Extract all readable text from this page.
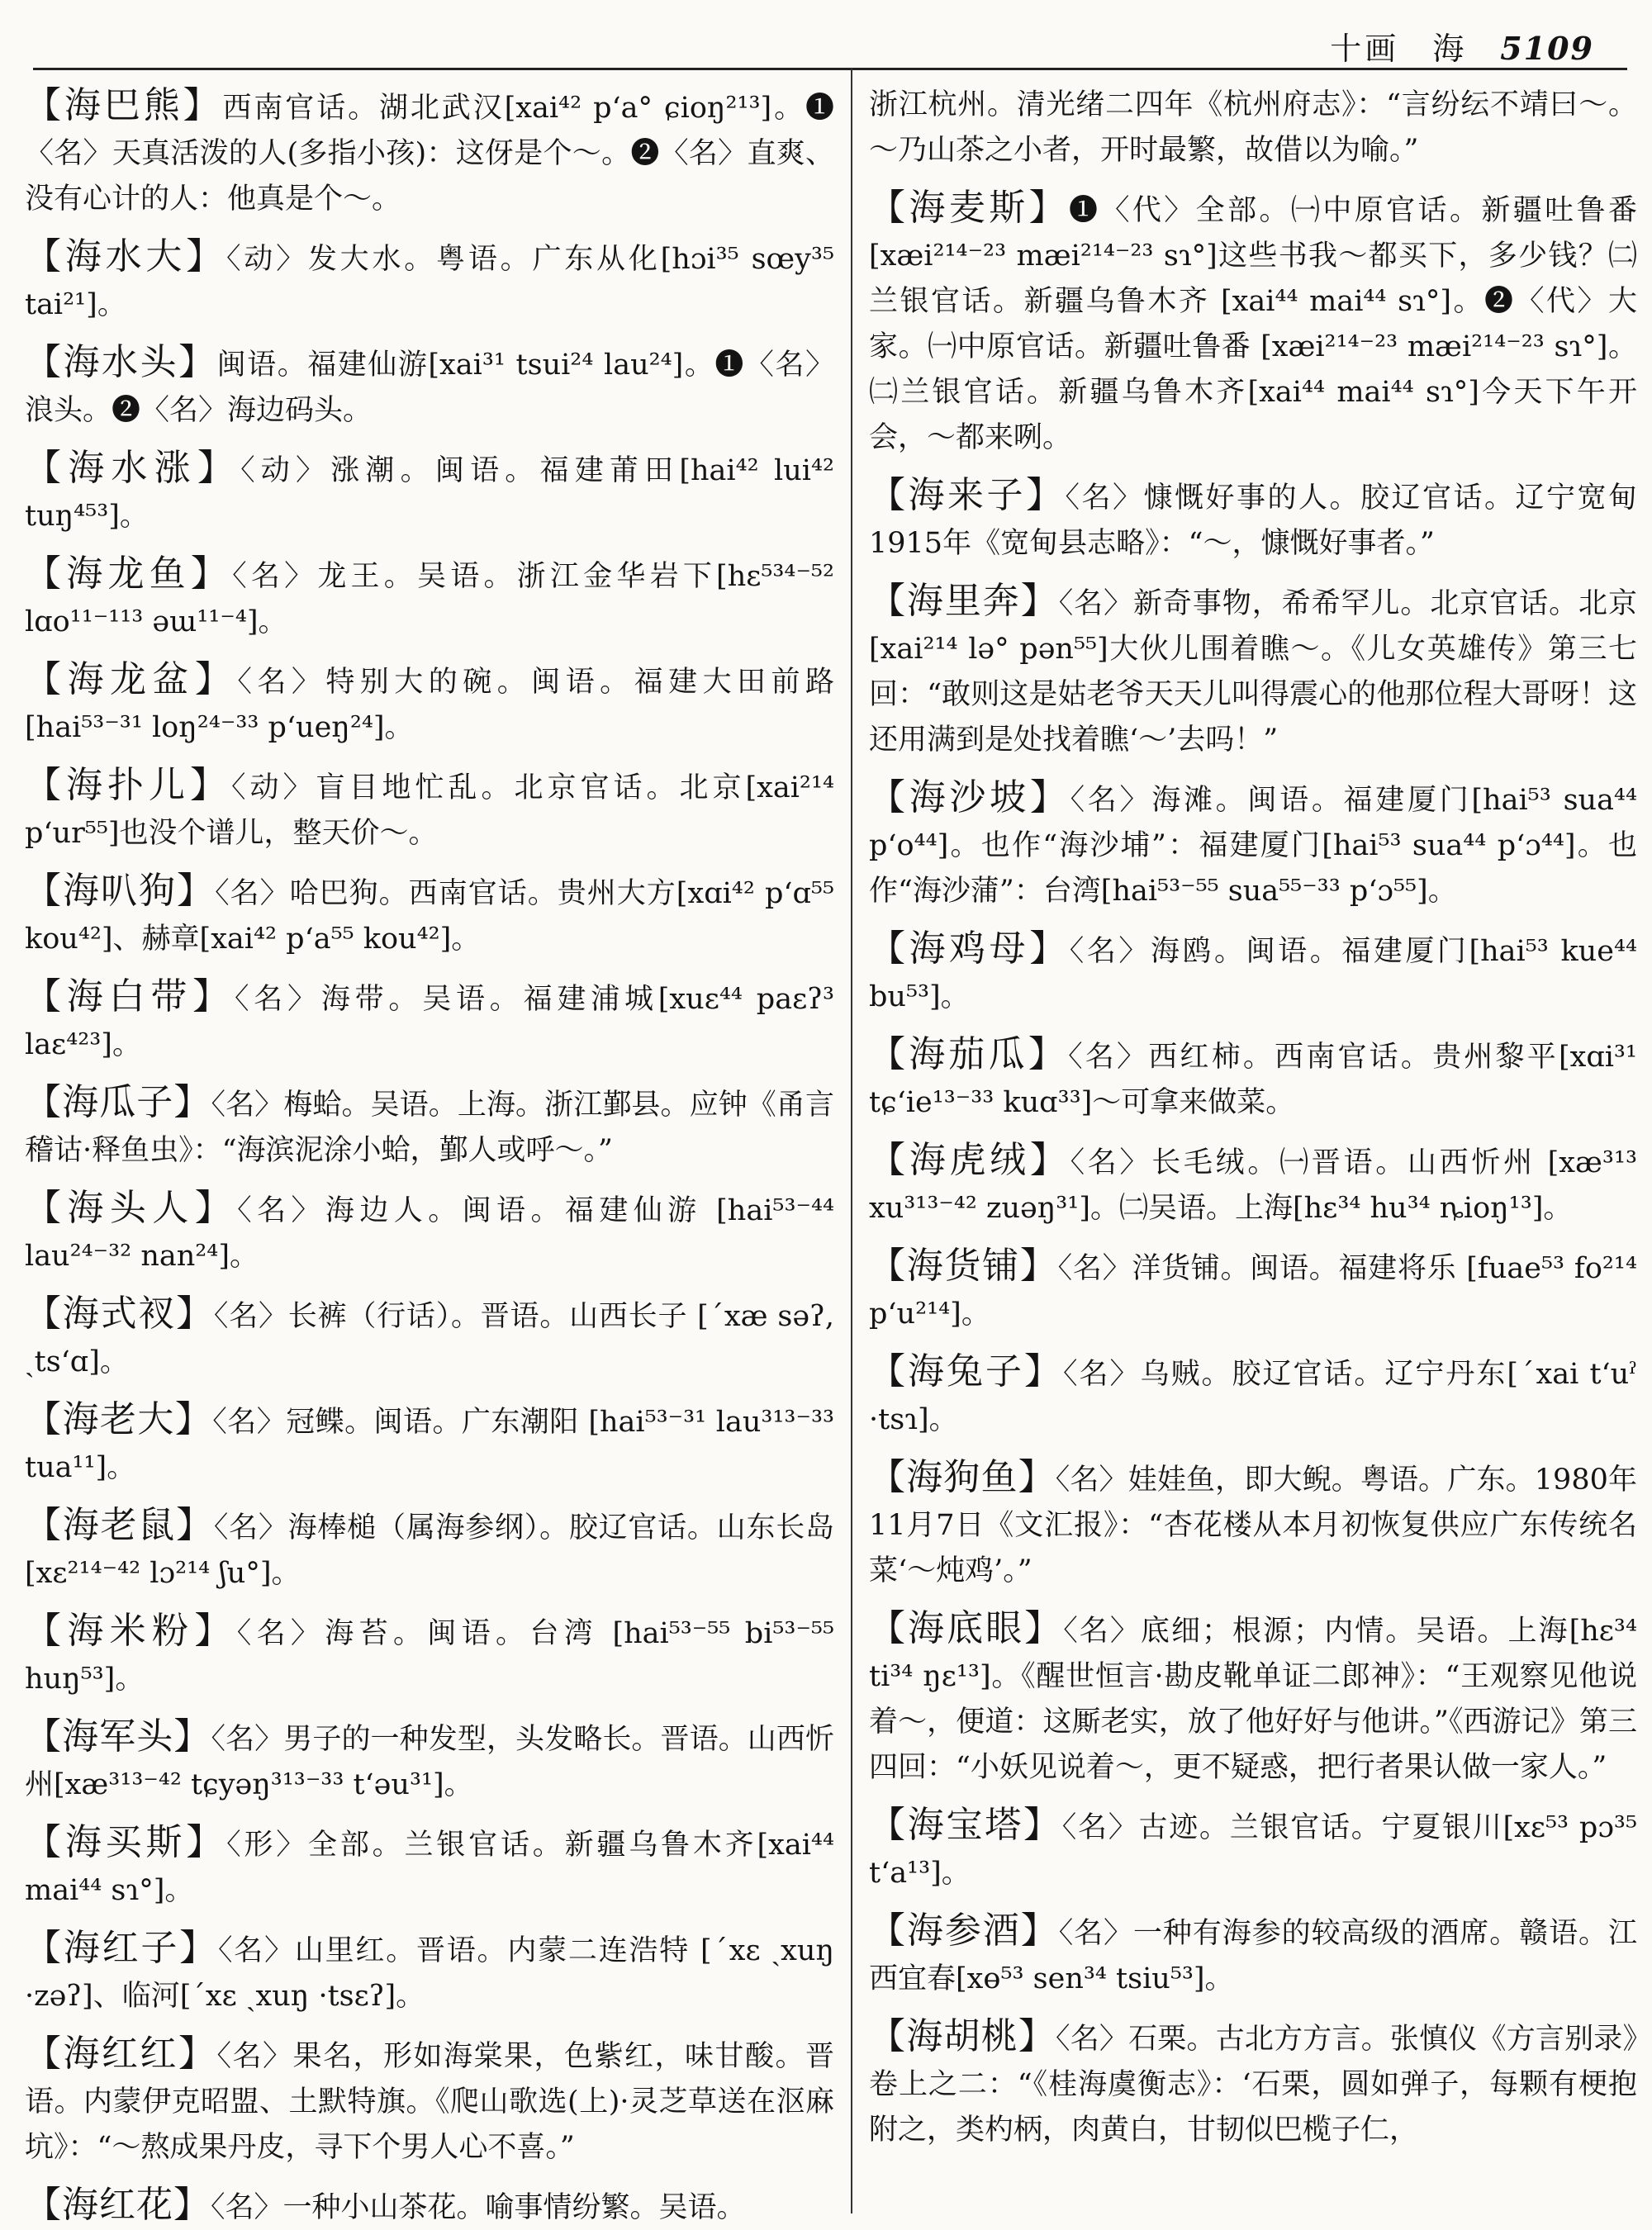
十画 海 5109

【海巴熊】西南官话。湖北武汉[xai⁴² p‘a° ɕioŋ²¹³]。❶〈名〉天真活泼的人(多指小孩)：这伢是个～。❷〈名〉直爽、没有心计的人：他真是个～。

【海水大】〈动〉发大水。粤语。广东从化[hɔi³⁵ sœy³⁵ tai²¹]。

【海水头】闽语。福建仙游[xai³¹ tsui²⁴ lau²⁴]。❶〈名〉浪头。❷〈名〉海边码头。

【海水涨】〈动〉涨潮。闽语。福建莆田[hai⁴² lui⁴² tuŋ⁴⁵³]。

【海龙鱼】〈名〉龙王。吴语。浙江金华岩下[hɛ⁵³⁴⁻⁵² lɑo¹¹⁻¹¹³ əɯ¹¹⁻⁴]。

【海龙盆】〈名〉特别大的碗。闽语。福建大田前路[hai⁵³⁻³¹ loŋ²⁴⁻³³ p‘ueŋ²⁴]。

【海扑儿】〈动〉盲目地忙乱。北京官话。北京[xai²¹⁴ p‘ur⁵⁵]也没个谱儿，整天价～。

【海叭狗】〈名〉哈巴狗。西南官话。贵州大方[xɑi⁴² p‘ɑ⁵⁵ kou⁴²]、赫章[xai⁴² p‘a⁵⁵ kou⁴²]。

【海白带】〈名〉海带。吴语。福建浦城[xuɛ⁴⁴ paɛʔ³ laɛ⁴²³]。

【海瓜子】〈名〉梅蛤。吴语。上海。浙江鄞县。应钟《甬言稽诂·释鱼虫》：“海滨泥涂小蛤，鄞人或呼～。”

【海头人】〈名〉海边人。闽语。福建仙游 [hai⁵³⁻⁴⁴ lau²⁴⁻³² nan²⁴]。

【海式衩】〈名〉长裤（行话）。晋语。山西长子 [ˊxæ səʔ, ˏts‘ɑ]。

【海老大】〈名〉冠鲽。闽语。广东潮阳 [hai⁵³⁻³¹ lau³¹³⁻³³ tua¹¹]。

【海老鼠】〈名〉海棒槌（属海参纲）。胶辽官话。山东长岛[xɛ²¹⁴⁻⁴² lɔ²¹⁴ ʃu°]。

【海米粉】〈名〉海苔。闽语。台湾 [hai⁵³⁻⁵⁵ bi⁵³⁻⁵⁵ huŋ⁵³]。

【海军头】〈名〉男子的一种发型，头发略长。晋语。山西忻州[xæ³¹³⁻⁴² tɕyəŋ³¹³⁻³³ t‘əu³¹]。

【海买斯】〈形〉全部。兰银官话。新疆乌鲁木齐[xai⁴⁴ mai⁴⁴ sɿ°]。

【海红子】〈名〉山里红。晋语。内蒙二连浩特 [ˊxɛ ˏxuŋ ·zəʔ]、临河[ˊxɛ ˏxuŋ ·tsɛʔ]。

【海红红】〈名〉果名，形如海棠果，色紫红，味甘酸。晋语。内蒙伊克昭盟、土默特旗。《爬山歌选(上)·灵芝草送在沤麻坑》：“～熬成果丹皮，寻下个男人心不喜。”

【海红花】〈名〉一种小山茶花。喻事情纷繁。吴语。

浙江杭州。清光绪二四年《杭州府志》：“言纷纭不靖曰～。～乃山茶之小者，开时最繁，故借以为喻。”

【海麦斯】❶〈代〉全部。㈠中原官话。新疆吐鲁番[xæi²¹⁴⁻²³ mæi²¹⁴⁻²³ sɿ°]这些书我～都买下，多少钱？㈡兰银官话。新疆乌鲁木齐 [xai⁴⁴ mai⁴⁴ sɿ°]。❷〈代〉大家。㈠中原官话。新疆吐鲁番 [xæi²¹⁴⁻²³ mæi²¹⁴⁻²³ sɿ°]。㈡兰银官话。新疆乌鲁木齐[xai⁴⁴ mai⁴⁴ sɿ°]今天下午开会，～都来咧。

【海来子】〈名〉慷慨好事的人。胶辽官话。辽宁宽甸1915年《宽甸县志略》：“～，慷慨好事者。”

【海里奔】〈名〉新奇事物，希希罕儿。北京官话。北京[xai²¹⁴ lə° pən⁵⁵]大伙儿围着瞧～。《儿女英雄传》第三七回：“敢则这是姑老爷天天儿叫得震心的他那位程大哥呀！这还用满到是处找着瞧‘～’去吗！”

【海沙坡】〈名〉海滩。闽语。福建厦门[hai⁵³ sua⁴⁴ p‘o⁴⁴]。也作“海沙埔”：福建厦门[hai⁵³ sua⁴⁴ p‘ɔ⁴⁴]。也作“海沙蒲”：台湾[hai⁵³⁻⁵⁵ sua⁵⁵⁻³³ p‘ɔ⁵⁵]。

【海鸡母】〈名〉海鸥。闽语。福建厦门[hai⁵³ kue⁴⁴ bu⁵³]。

【海茄瓜】〈名〉西红柿。西南官话。贵州黎平[xɑi³¹ tɕ‘ie¹³⁻³³ kuɑ³³]～可拿来做菜。

【海虎绒】〈名〉长毛绒。㈠晋语。山西忻州 [xæ³¹³ xu³¹³⁻⁴² zuəŋ³¹]。㈡吴语。上海[hɛ³⁴ hu³⁴ ȵioŋ¹³]。

【海货铺】〈名〉洋货铺。闽语。福建将乐 [fuae⁵³ fo²¹⁴ p‘u²¹⁴]。

【海兔子】〈名〉乌贼。胶辽官话。辽宁丹东[ˊxai t‘uˀ ·tsɿ]。

【海狗鱼】〈名〉娃娃鱼，即大鲵。粤语。广东。1980年11月7日《文汇报》：“杏花楼从本月初恢复供应广东传统名菜‘～炖鸡’。”

【海底眼】〈名〉底细；根源；内情。吴语。上海[hɛ³⁴ ti³⁴ ŋɛ¹³]。《醒世恒言·勘皮靴单证二郎神》：“王观察见他说着～，便道：这厮老实，放了他好好与他讲。”《西游记》第三四回：“小妖见说着～，更不疑惑，把行者果认做一家人。”

【海宝塔】〈名〉古迹。兰银官话。宁夏银川[xɛ⁵³ pɔ³⁵ t‘a¹³]。

【海参酒】〈名〉一种有海参的较高级的酒席。赣语。江西宜春[xɵ⁵³ sen³⁴ tsiu⁵³]。

【海胡桃】〈名〉石栗。古北方方言。张慎仪《方言别录》卷上之二：“《桂海虞衡志》：‘石栗，圆如弹子，每颗有梗抱附之，类杓柄，肉黄白，甘韧似巴榄子仁，
